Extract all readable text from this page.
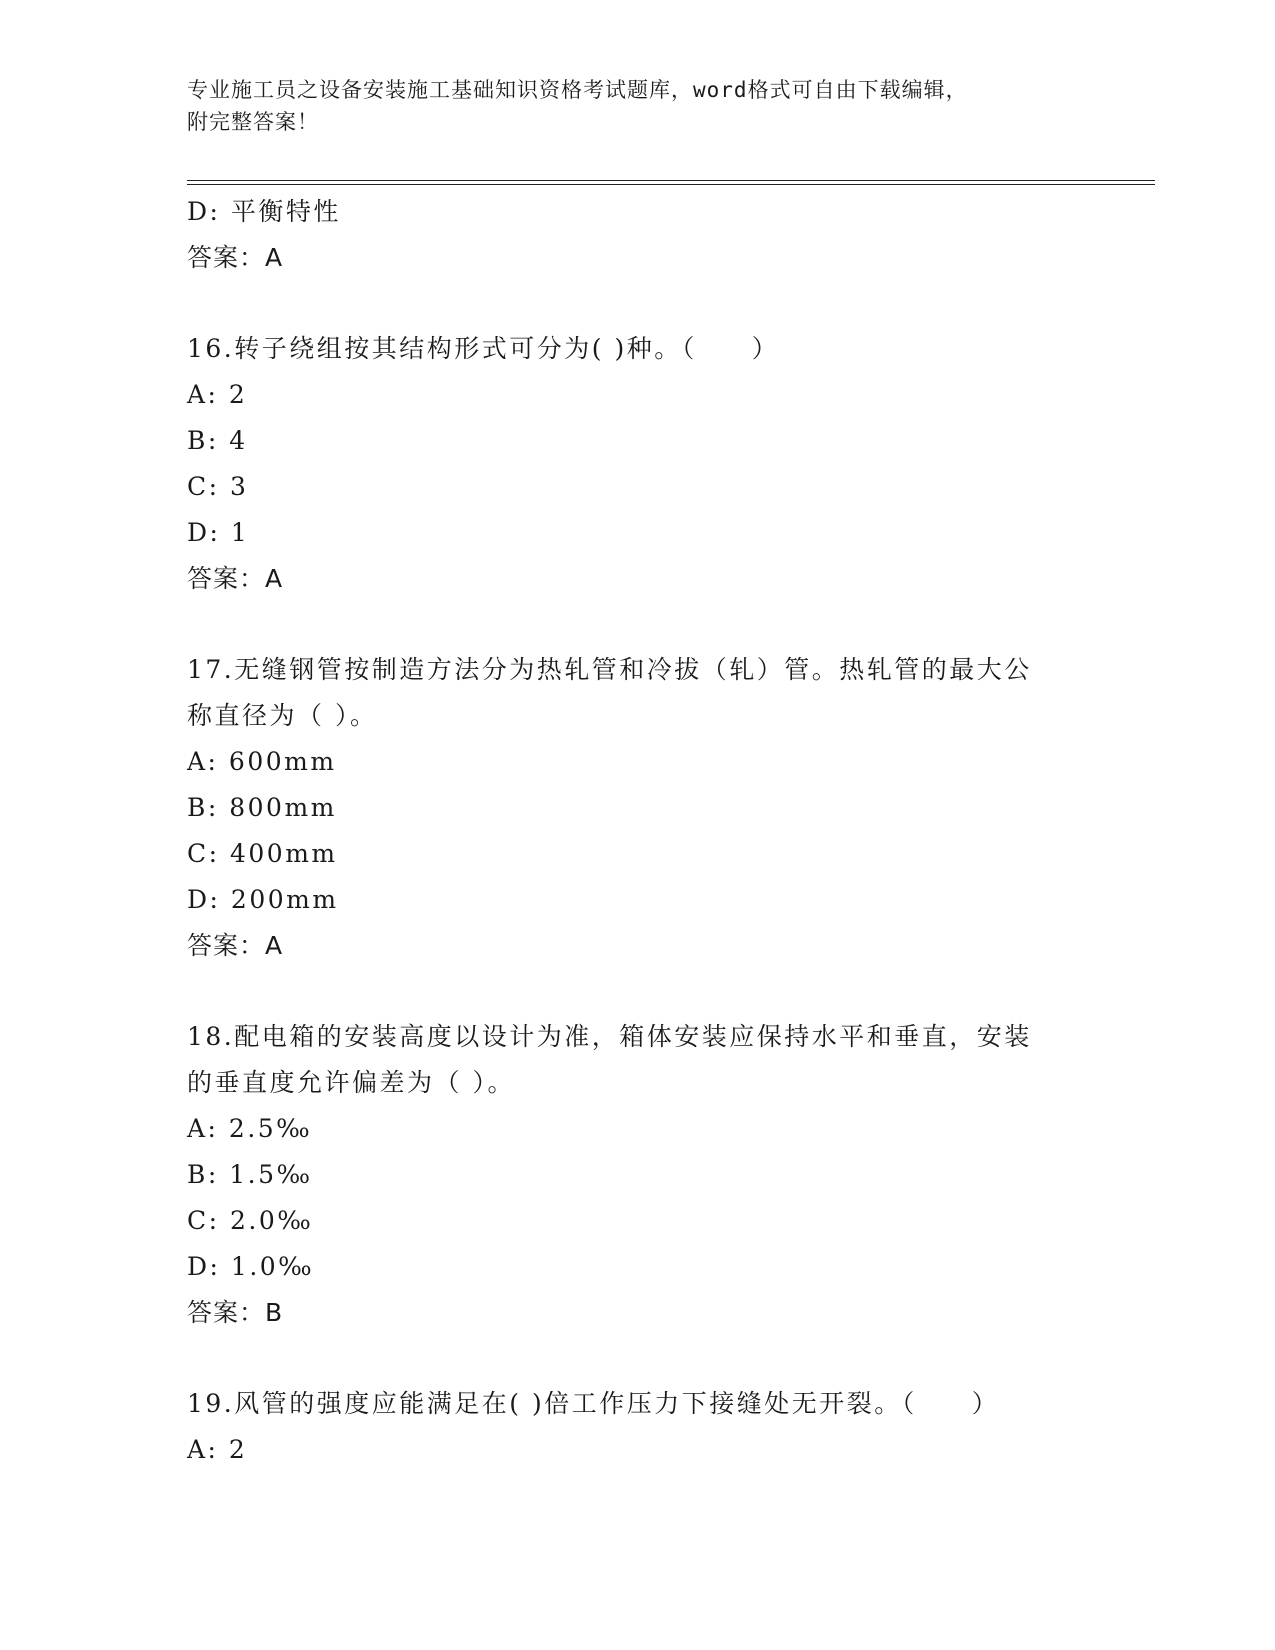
专业施工员之设备安装施工基础知识资格考试题库，word格式可自由下载编辑，
附完整答案！
D: 平衡特性
答案：A
16.转子绕组按其结构形式可分为( )种。（　　）
A: 2
B: 4
C: 3
D: 1
答案：A
17.无缝钢管按制造方法分为热轧管和冷拔（轧）管。热轧管的最大公
称直径为（ ）。
A: 600mm
B: 800mm
C: 400mm
D: 200mm
答案：A
18.配电箱的安装高度以设计为准，箱体安装应保持水平和垂直，安装
的垂直度允许偏差为（ ）。
A: 2.5‰
B: 1.5‰
C: 2.0‰
D: 1.0‰
答案：B
19.风管的强度应能满足在( )倍工作压力下接缝处无开裂。（　　）
A: 2
